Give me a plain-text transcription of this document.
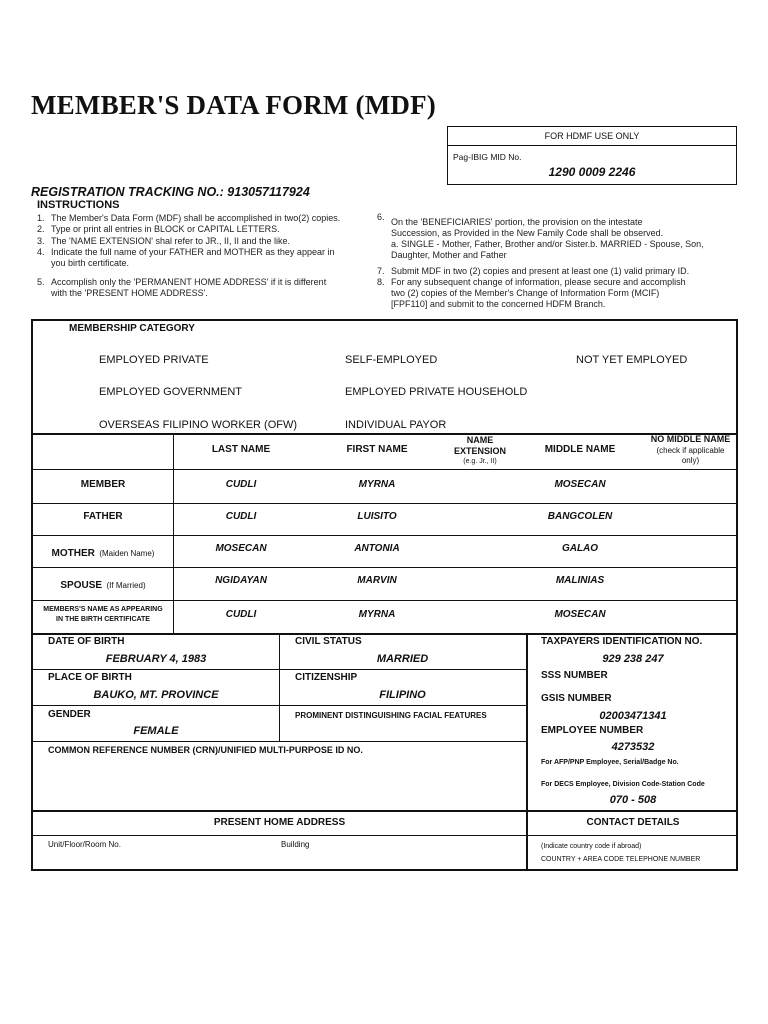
MEMBER'S DATA FORM (MDF)
FOR HDMF USE ONLY
Pag-IBIG MID No.
1290 0009 2246
REGISTRATION TRACKING NO.: 913057117924
INSTRUCTIONS
1. The Member's Data Form (MDF) shall be accomplished in two(2) copies.
2. Type or print all entries in BLOCK or CAPITAL LETTERS.
3. The 'NAME EXTENSION' shal refer to JR., II, II and the like.
4. Indicate the full name of your FATHER and MOTHER as they appear in
you birth certificate.
5. Accomplish only the 'PERMANENT HOME ADDRESS' if it is different
with the 'PRESENT HOME ADDRESS'.
6. On the 'BENEFICIARIES' portion, the provision on the intestate
Succession, as Provided in the New Family Code shall be observed.
a. SINGLE - Mother, Father, Brother and/or Sister.b. MARRIED - Spouse, Son,
Daughter, Mother and Father
7. Submit MDF in two (2) copies and present at least one (1) valid primary ID.
8. For any subsequent change of information, please secure and accomplish
two (2) copies of the Member's Change of Information Form (MCIF)
[FPF110] and submit to the concerned HDFM Branch.
MEMBERSHIP CATEGORY
EMPLOYED PRIVATE	SELF-EMPLOYED	NOT YET EMPLOYED
EMPLOYED GOVERNMENT	EMPLOYED PRIVATE HOUSEHOLD
OVERSEAS FILIPINO WORKER (OFW)	INDIVIDUAL PAYOR
LAST NAME	FIRST NAME
NAME
EXTENSION
(e.g. Jr., II)
MIDDLE NAME
NO MIDDLE NAME
(check if applicable
only)
MEMBER	CUDLI	MYRNA	MOSECAN
FATHER	CUDLI	LUISITO	BANGCOLEN
MOTHER (Maiden Name)	MOSECAN	ANTONIA	GALAO
SPOUSE (If Married)	NGIDAYAN	MARVIN	MALINIAS
MEMBERS'S NAME AS APPEARING
IN THE BIRTH CERTIFICATE	CUDLI	MYRNA	MOSECAN
DATE OF BIRTH
FEBRUARY 4, 1983
CIVIL STATUS
MARRIED
PLACE OF BIRTH
BAUKO, MT. PROVINCE
CITIZENSHIP
FILIPINO
GENDER
FEMALE
PROMINENT DISTINGUISHING FACIAL FEATURES
COMMON REFERENCE NUMBER (CRN)/UNIFIED MULTI-PURPOSE ID NO.
TAXPAYERS IDENTIFICATION NO.
929 238 247
SSS NUMBER
GSIS NUMBER
02003471341
EMPLOYEE NUMBER
4273532
For AFP/PNP Employee, Serial/Badge No.
For DECS Employee, Division Code-Station Code
070 - 508
PRESENT HOME ADDRESS	CONTACT DETAILS
Unit/Floor/Room No.	Building	(Indicate country code if abroad)
COUNTRY + AREA CODE TELEPHONE NUMBER
